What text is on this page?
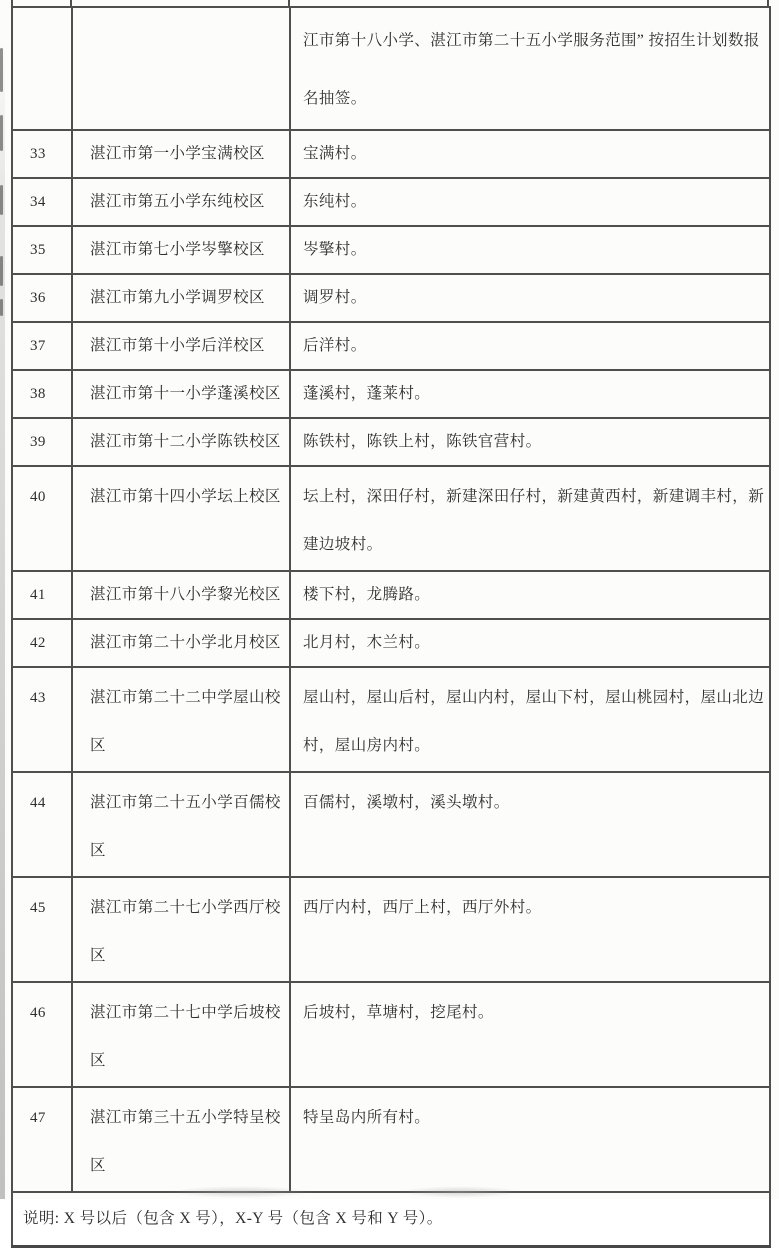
		江市第十八小学、湛江市第二十五小学服务范围” 按招生计划数报名抽签。
33	湛江市第一小学宝满校区	宝满村。
34	湛江市第五小学东纯校区	东纯村。
35	湛江市第七小学岑擎校区	岑擎村。
36	湛江市第九小学调罗校区	调罗村。
37	湛江市第十小学后洋校区	后洋村。
38	湛江市第十一小学蓬溪校区	蓬溪村，蓬莱村。
39	湛江市第十二小学陈铁校区	陈铁村，陈铁上村，陈铁官营村。
40	湛江市第十四小学坛上校区	坛上村，深田仔村，新建深田仔村，新建黄西村，新建调丰村，新建边坡村。
41	湛江市第十八小学黎光校区	楼下村，龙腾路。
42	湛江市第二十小学北月校区	北月村，木兰村。
43	湛江市第二十二中学屋山校区	屋山村，屋山后村，屋山内村，屋山下村，屋山桃园村，屋山北边村，屋山房内村。
44	湛江市第二十五小学百儒校区	百儒村，溪墩村，溪头墩村。
45	湛江市第二十七小学西厅校区	西厅内村，西厅上村，西厅外村。
46	湛江市第二十七中学后坡校区	后坡村，草塘村，挖尾村。
47	湛江市第三十五小学特呈校区	特呈岛内所有村。
说明: X 号以后（包含 X 号），X-Y 号（包含 X 号和 Y 号）。		
